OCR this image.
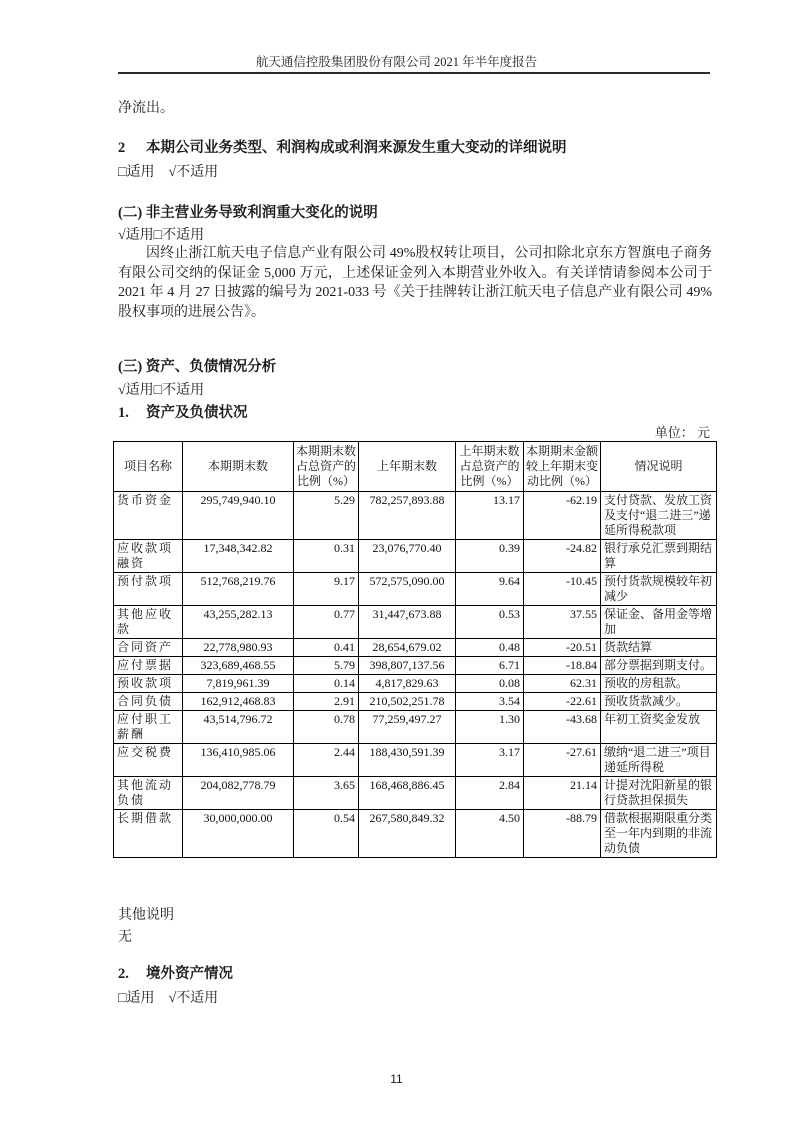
航天通信控股集团股份有限公司 2021 年半年度报告
净流出。
2 本期公司业务类型、利润构成或利润来源发生重大变动的详细说明
□适用　√不适用
(二) 非主营业务导致利润重大变化的说明
√适用□不适用
因终止浙江航天电子信息产业有限公司 49%股权转让项目，公司扣除北京东方智旗电子商务有限公司交纳的保证金 5,000 万元，上述保证金列入本期营业外收入。有关详情请参阅本公司于 2021 年 4 月 27 日披露的编号为 2021-033 号《关于挂牌转让浙江航天电子信息产业有限公司 49%股权事项的进展公告》。
(三) 资产、负债情况分析
√适用□不适用
1. 资产及负债状况
单位： 元
项目名称	本期期末数	本期期末数占总资产的比例（%）	上年期末数	上年期末数占总资产的比例（%）	本期期末金额较上年期末变动比例（%）	情况说明
货币资金	295,749,940.10	5.29	782,257,893.88	13.17	-62.19	支付贷款、发放工资及支付“退二进三”递延所得税款项
应收款项融资	17,348,342.82	0.31	23,076,770.40	0.39	-24.82	银行承兑汇票到期结算
预付款项	512,768,219.76	9.17	572,575,090.00	9.64	-10.45	预付货款规模较年初减少
其他应收款	43,255,282.13	0.77	31,447,673.88	0.53	37.55	保证金、备用金等增加
合同资产	22,778,980.93	0.41	28,654,679.02	0.48	-20.51	货款结算
应付票据	323,689,468.55	5.79	398,807,137.56	6.71	-18.84	部分票据到期支付。
预收款项	7,819,961.39	0.14	4,817,829.63	0.08	62.31	预收的房租款。
合同负债	162,912,468.83	2.91	210,502,251.78	3.54	-22.61	预收货款减少。
应付职工薪酬	43,514,796.72	0.78	77,259,497.27	1.30	-43.68	年初工资奖金发放
应交税费	136,410,985.06	2.44	188,430,591.39	3.17	-27.61	缴纳“退二进三”项目递延所得税
其他流动负债	204,082,778.79	3.65	168,468,886.45	2.84	21.14	计提对沈阳新星的银行贷款担保损失
长期借款	30,000,000.00	0.54	267,580,849.32	4.50	-88.79	借款根据期限重分类至一年内到期的非流动负债
其他说明
无
2. 境外资产情况
□适用　√不适用
11
